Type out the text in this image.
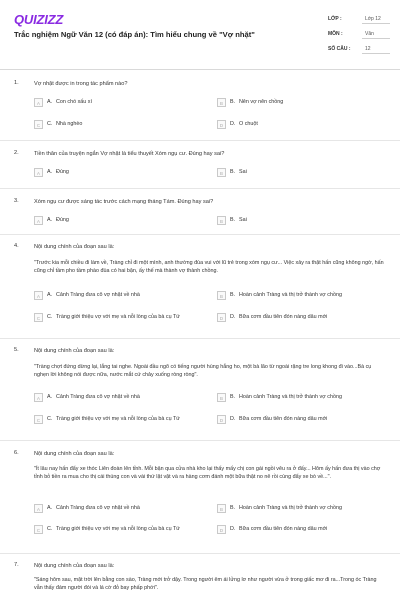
QUIZIZZ
Trắc nghiệm Ngữ Văn 12 (có đáp án): Tìm hiểu chung về "Vợ nhặt"
LỚP :	Lớp 12
MÔN :	Văn
SỐ CÂU :	12
1.	Vợ nhặt được in trong tác phẩm nào?
A	A. Con chó xấu xí	B	B. Nên vợ nên chồng
C	C. Nhà nghèo	D	D. O chuột
2.	Tiền thân của truyện ngắn Vợ nhặt là tiểu thuyết Xóm ngụ cư. Đúng hay sai?
A	A. Đúng	B	B. Sai
3.	Xóm ngụ cư được sáng tác trước cách mạng tháng Tám. Đúng hay sai?
A	A. Đúng	B	B. Sai
4.	Nội dung chính của đoạn sau là:
"Trước kia mỗi chiều đi làm về, Tràng chỉ đi một mình, anh thường đùa vui với lũ trẻ trong xóm ngụ cư... Việc xảy ra thật hấn cũng không ngờ, hấn cũng chỉ tầm pho tầm phào đùa có hai bận, ấy thế mà thành vợ thành chồng.
A	A. Cảnh Tràng đưa cô vợ nhặt về nhà	B	B. Hoàn cảnh Tràng và thị trở thành vợ chồng
C	C. Tràng giới thiệu vợ với mẹ và nỗi lòng của bà cụ Tứ	D	D. Bữa cơm đầu tiên đón nàng dâu mới
5.	Nội dung chính của đoạn sau là:
"Tràng chợt đứng dừng lại, lắng tai nghe. Ngoài đầu ngõ có tiếng người hùng hắng ho, một bà lão từ ngoài rặng tre long khong đi vào...Bà cụ nghẹn lời không nói được nữa, nước mắt cứ chảy xuống ròng ròng".
A	A. Cảnh Tràng đưa cô vợ nhặt về nhà	B	B. Hoàn cảnh Tràng và thị trở thành vợ chồng
C	C. Tràng giới thiệu vợ với mẹ và nỗi lòng của bà cụ Tứ	D	D. Bữa cơm đầu tiên đón nàng dâu mới
6.	Nội dung chính của đoạn sau là:
"Ít lâu nay hấn đẩy xe thóc Liên đoàn lên tỉnh. Mỗi bận qua cửa nhà kho lại thấy mấy chị con gái ngồi vêu ra ở đấy... Hôm ấy hấn đưa thị vào chợ tỉnh bỏ tiền ra mua cho thị cái thúng con và vài thứ lặt vặt và ra hàng cơm đánh một bữa thật no nê rồi cùng đẩy xe bò về...".
A	A. Cảnh Tràng đưa cô vợ nhặt về nhà	B	B. Hoàn cảnh Tràng và thị trở thành vợ chồng
C	C. Tràng giới thiệu vợ với mẹ và nỗi lòng của bà cụ Tứ	D	D. Bữa cơm đầu tiên đón nàng dâu mới
7.	Nội dung chính của đoạn sau là:
"Sáng hôm sau, mặt trời lên bằng con sào, Tràng mới trở dậy. Trong người êm ái lửng lơ như người vừa ở trong giấc mơ đi ra...Trong óc Tràng vẫn thấy đám người đói và lá cờ đỏ bay phấp phới".
